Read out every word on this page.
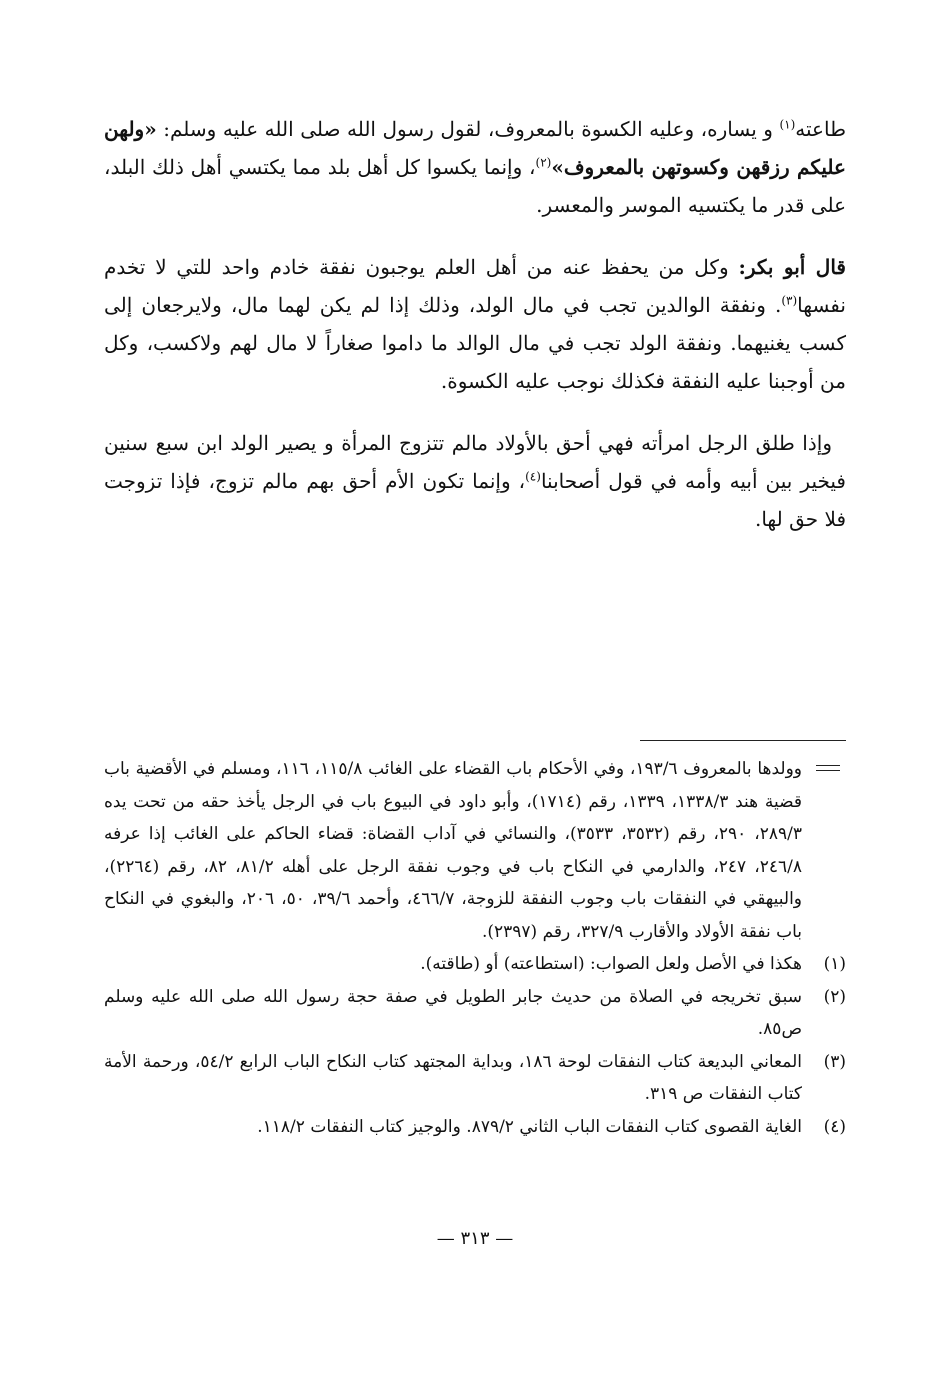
طاعته$^{(١)}$ و يساره، وعليه الكسوة بالمعروف، لقول رسول الله صلى الله عليه وسلم: «ولهن عليكم رزقهن وكسوتهن بالمعروف»$^{(٢)}$، وإنما يكسوا كل أهل بلد مما يكتسي أهل ذلك البلد، على قدر ما يكتسيه الموسر والمعسر.

قال أبو بكر: وكل من يحفظ عنه من أهل العلم يوجبون نفقة خادم واحد للتي لا تخدم نفسها$^{(٣)}$. ونفقة الوالدين تجب في مال الولد، وذلك إذا لم يكن لهما مال، ولايرجعان إلى كسب يغنيهما. ونفقة الولد تجب في مال الوالد ما داموا صغاراً لا مال لهم ولاكسب، وكل من أوجبنا عليه النفقة فكذلك نوجب عليه الكسوة.

وإذا طلق الرجل امرأته فهي أحق بالأولاد مالم تتزوج المرأة و يصير الولد ابن سبع سنين فيخير بين أبيه وأمه في قول أصحابنا$^{(٤)}$، وإنما تكون الأم أحق بهم مالم تزوج، فإذا تزوجت فلا حق لها.

وولدها بالمعروف ١٩٣/٦، وفي الأحكام باب القضاء على الغائب ١١٥/٨، ١١٦، ومسلم في الأقضية باب قضية هند ١٣٣٨/٣، ١٣٣٩، رقم (١٧١٤)، وأبو داود في البيوع باب في الرجل يأخذ حقه من تحت يده ٢٨٩/٣، ٢٩٠، رقم (٣٥٣٢، ٣٥٣٣)، والنسائي في آداب القضاة: قضاء الحاكم على الغائب إذا عرفه ٢٤٦/٨، ٢٤٧، والدارمي في النكاح باب في وجوب نفقة الرجل على أهله ٨١/٢، ٨٢، رقم (٢٢٦٤)، والبيهقي في النفقات باب وجوب النفقة للزوجة، ٤٦٦/٧، وأحمد ٣٩/٦، ٥٠، ٢٠٦، والبغوي في النكاح باب نفقة الأولاد والأقارب ٣٢٧/٩، رقم (٢٣٩٧).
(١)
هكذا في الأصل ولعل الصواب: (استطاعته) أو (طاقته).
(٢)
سبق تخريجه في الصلاة من حديث جابر الطويل في صفة حجة رسول الله صلى الله عليه وسلم ص٨٥.
(٣)
المعاني البديعة كتاب النفقات لوحة ١٨٦، وبداية المجتهد كتاب النكاح الباب الرابع ٥٤/٢، ورحمة الأمة كتاب النفقات ص ٣١٩.
(٤)
الغاية القصوى كتاب النفقات الباب الثاني ٨٧٩/٢. والوجيز كتاب النفقات ١١٨/٢.
— ٣١٣ —
